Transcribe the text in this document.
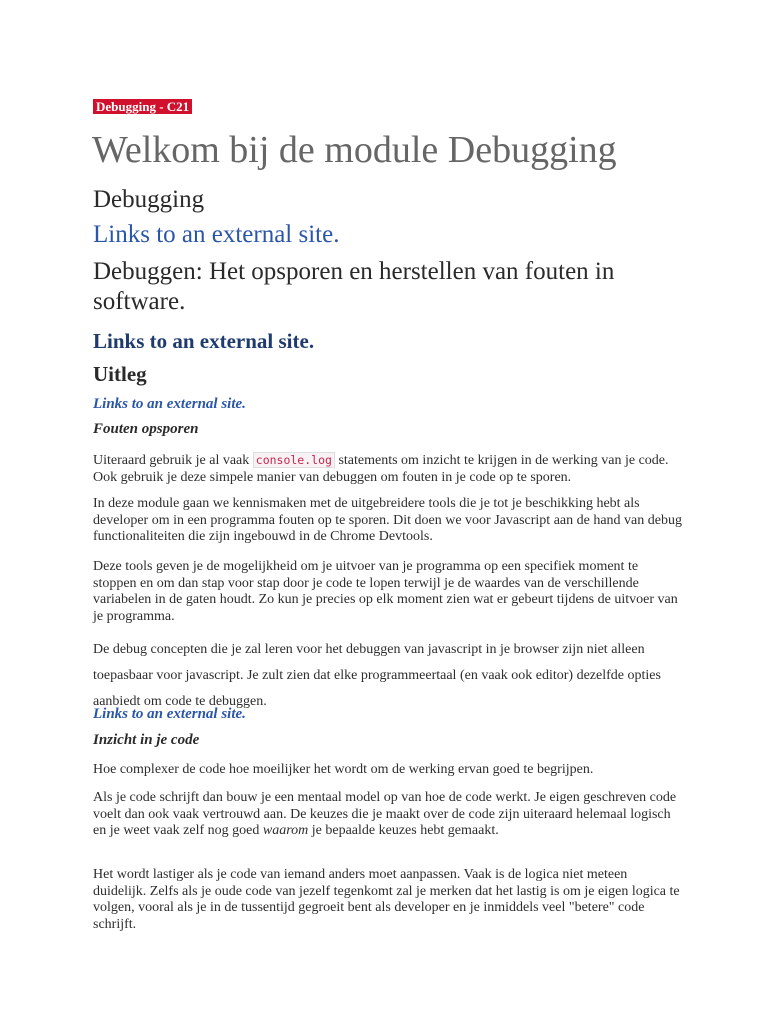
Debugging - C21
Welkom bij de module Debugging
Debugging
Links to an external site.
Debuggen: Het opsporen en herstellen van fouten in software.
Links to an external site.
Uitleg

Links to an external site.

Fouten opsporen

Uiteraard gebruik je al vaak console.log statements om inzicht te krijgen in de werking van je code. Ook gebruik je deze simpele manier van debuggen om fouten in je code op te sporen.

In deze module gaan we kennismaken met de uitgebreidere tools die je tot je beschikking hebt als developer om in een programma fouten op te sporen. Dit doen we voor Javascript aan de hand van debug functionaliteiten die zijn ingebouwd in de Chrome Devtools.

Deze tools geven je de mogelijkheid om je uitvoer van je programma op een specifiek moment te stoppen en om dan stap voor stap door je code te lopen terwijl je de waardes van de verschillende variabelen in de gaten houdt. Zo kun je precies op elk moment zien wat er gebeurt tijdens de uitvoer van je programma.

De debug concepten die je zal leren voor het debuggen van javascript in je browser zijn niet alleen toepasbaar voor javascript. Je zult zien dat elke programmeertaal (en vaak ook editor) dezelfde opties aanbiedt om code te debuggen.

Links to an external site.

Inzicht in je code

Hoe complexer de code hoe moeilijker het wordt om de werking ervan goed te begrijpen.

Als je code schrijft dan bouw je een mentaal model op van hoe de code werkt. Je eigen geschreven code voelt dan ook vaak vertrouwd aan. De keuzes die je maakt over de code zijn uiteraard helemaal logisch en je weet vaak zelf nog goed waarom je bepaalde keuzes hebt gemaakt.

Het wordt lastiger als je code van iemand anders moet aanpassen. Vaak is de logica niet meteen duidelijk. Zelfs als je oude code van jezelf tegenkomt zal je merken dat het lastig is om je eigen logica te volgen, vooral als je in de tussentijd gegroeit bent als developer en je inmiddels veel "betere" code schrijft.
